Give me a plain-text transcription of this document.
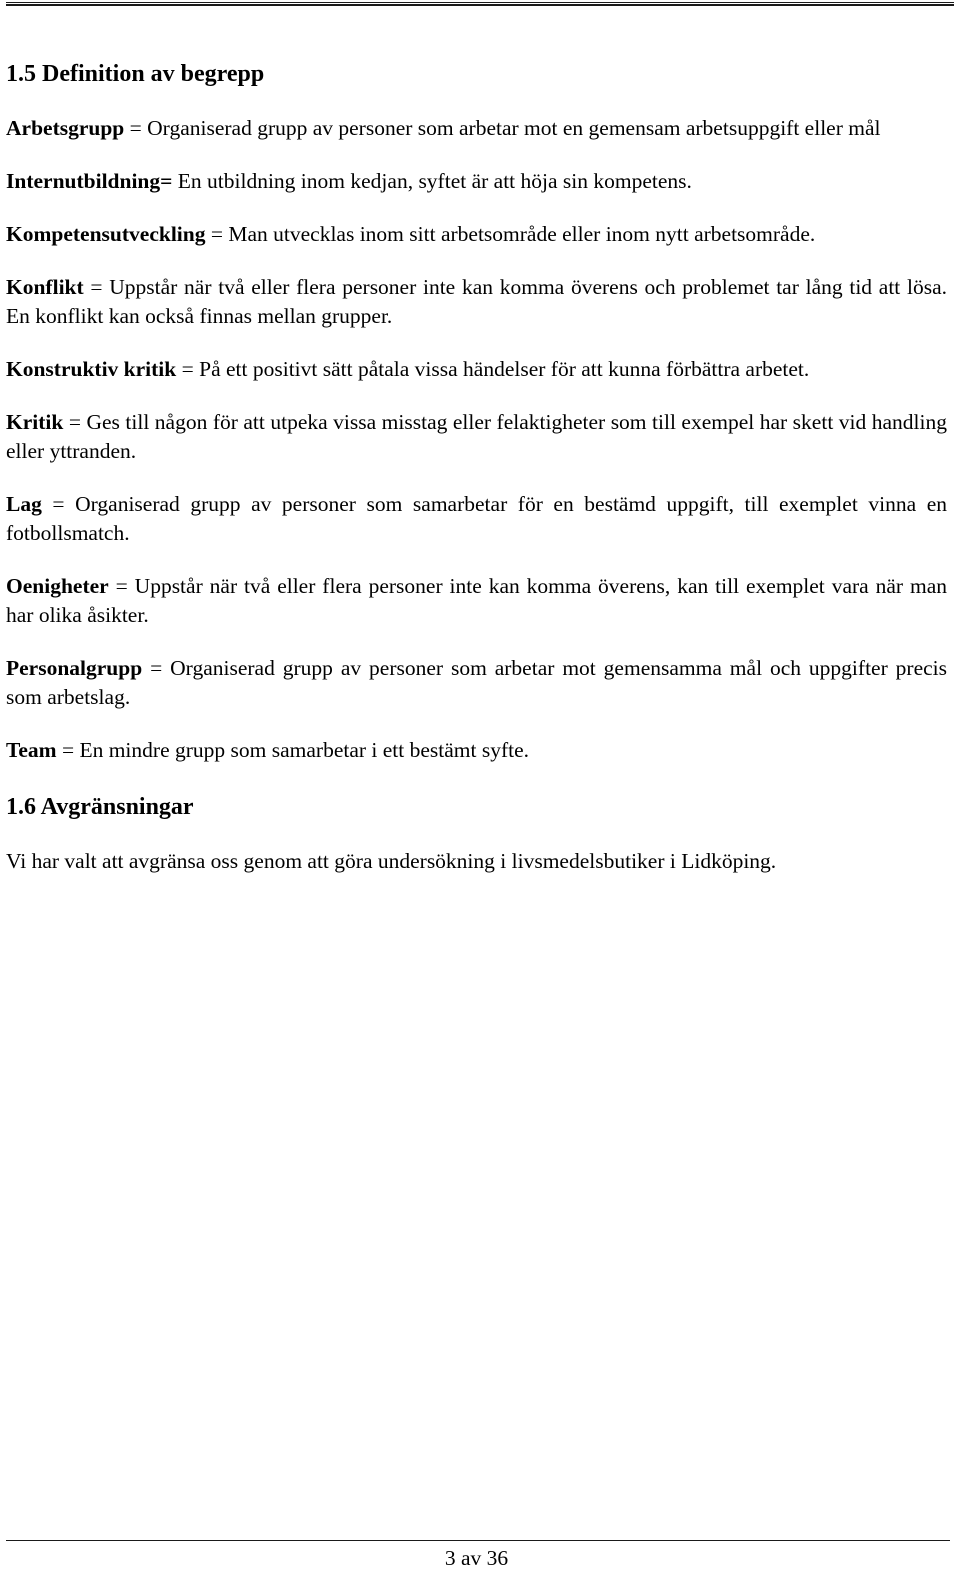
1.5 Definition av begrepp

Arbetsgrupp = Organiserad grupp av personer som arbetar mot en gemensam arbetsuppgift eller mål

Internutbildning= En utbildning inom kedjan, syftet är att höja sin kompetens.

Kompetensutveckling = Man utvecklas inom sitt arbetsområde eller inom nytt arbetsområde.

Konflikt = Uppstår när två eller flera personer inte kan komma överens och problemet tar lång tid att lösa. En konflikt kan också finnas mellan grupper.

Konstruktiv kritik = På ett positivt sätt påtala vissa händelser för att kunna förbättra arbetet.

Kritik = Ges till någon för att utpeka vissa misstag eller felaktigheter som till exempel har skett vid handling eller yttranden.

Lag = Organiserad grupp av personer som samarbetar för en bestämd uppgift, till exemplet vinna en fotbollsmatch.

Oenigheter = Uppstår när två eller flera personer inte kan komma överens, kan till exemplet vara när man har olika åsikter.

Personalgrupp = Organiserad grupp av personer som arbetar mot gemensamma mål och uppgifter precis som arbetslag.

Team = En mindre grupp som samarbetar i ett bestämt syfte.

1.6 Avgränsningar

Vi har valt att avgränsa oss genom att göra undersökning i livsmedelsbutiker i Lidköping.

3 av 36
